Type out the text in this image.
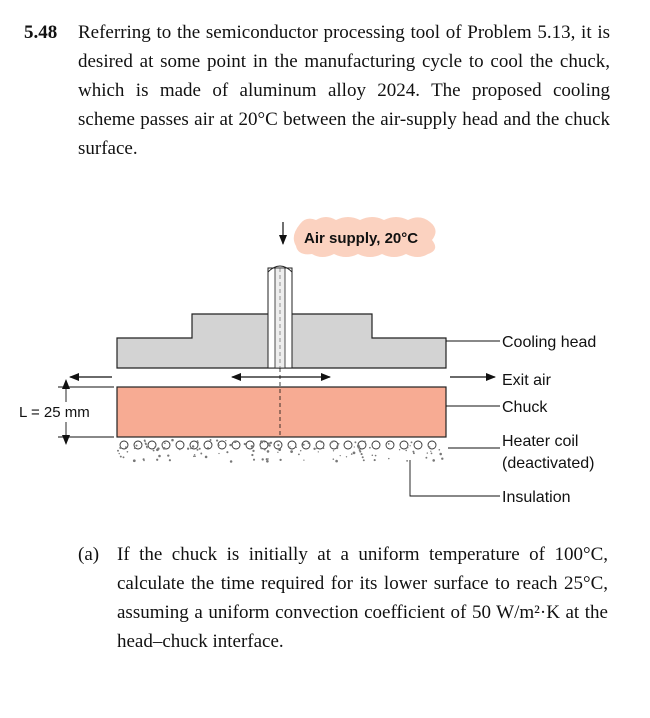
5.48 Referring to the semiconductor processing tool of Problem 5.13, it is desired at some point in the manufacturing cycle to cool the chuck, which is made of aluminum alloy 2024. The proposed cooling scheme passes air at 20°C between the air-supply head and the chuck surface.
Air supply, 20°C
L = 25 mm
Cooling head
Exit air
Chuck
Heater coil
(deactivated)
Insulation
(a) If the chuck is initially at a uniform temperature of 100°C, calculate the time required for its lower surface to reach 25°C, assuming a uniform convection coefficient of 50 W/m²·K at the head–chuck interface.
